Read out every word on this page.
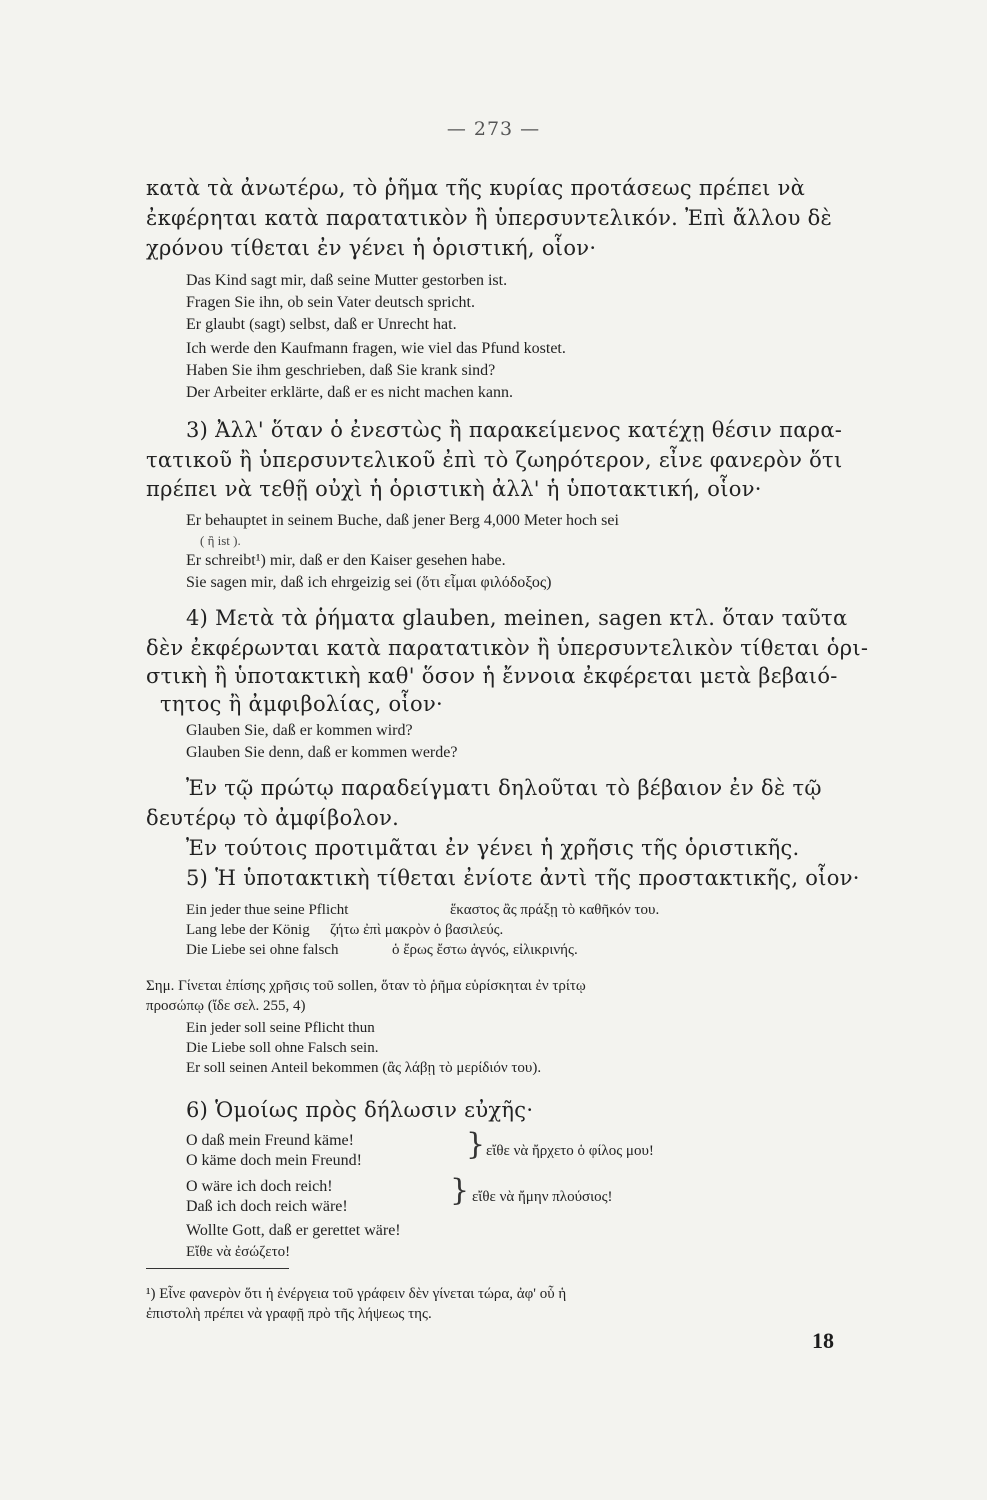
— 273 —
κατὰ τὰ ἀνωτέρω, τὸ ῥῆμα τῆς κυρίας προτάσεως πρέπει νὰ
ἐκφέρηται κατὰ παρατατικὸν ἢ ὑπερσυντελικόν. Ἐπὶ ἄλλου δὲ
χρόνου τίθεται ἐν γένει ἡ ὁριστική, οἷον·
Das Kind sagt mir, daß seine Mutter gestorben ist.
Fragen Sie ihn, ob sein Vater deutsch spricht.
Er glaubt (sagt) selbst, daß er Unrecht hat.
Ich werde den Kaufmann fragen, wie viel das Pfund kostet.
Haben Sie ihm geschrieben, daß Sie krank sind?
Der Arbeiter erklärte, daß er es nicht machen kann.
3) Ἀλλ' ὅταν ὁ ἐνεστὼς ἢ παρακείμενος κατέχῃ θέσιν παρα-
τατικοῦ ἢ ὑπερσυντελικοῦ ἐπὶ τὸ ζωηρότερον, εἶνε φανερὸν ὅτι
πρέπει νὰ τεθῇ οὐχὶ ἡ ὁριστικὴ ἀλλ' ἡ ὑποτακτική, οἷον·
Er behauptet in seinem Buche, daß jener Berg 4,000 Meter hoch sei
( ἢ ist ).
Er schreibt¹) mir, daß er den Kaiser gesehen habe.
Sie sagen mir, daß ich ehrgeizig sei (ὅτι εἶμαι φιλόδοξος)
4) Μετὰ τὰ ῥήματα glauben, meinen, sagen κτλ. ὅταν ταῦτα
δὲν ἐκφέρωνται κατὰ παρατατικὸν ἢ ὑπερσυντελικὸν τίθεται ὁρι-
στικὴ ἢ ὑποτακτικὴ καθ' ὅσον ἡ ἔννοια ἐκφέρεται μετὰ βεβαιό-
τητος ἢ ἀμφιβολίας, οἷον·
Glauben Sie, daß er kommen wird?
Glauben Sie denn, daß er kommen werde?
Ἐν τῷ πρώτῳ παραδείγματι δηλοῦται τὸ βέβαιον ἐν δὲ τῷ
δευτέρῳ τὸ ἀμφίβολον.
Ἐν τούτοις προτιμᾶται ἐν γένει ἡ χρῆσις τῆς ὁριστικῆς.
5) Ἡ ὑποτακτικὴ τίθεται ἐνίοτε ἀντὶ τῆς προστακτικῆς, οἷον·
Ein jeder thue seine Pflicht	ἕκαστος ἂς πράξῃ τὸ καθῆκόν του.
Lang lebe der König ζήτω ἐπὶ μακρὸν ὁ βασιλεύς.
Die Liebe sei ohne falsch	ὁ ἔρως ἔστω ἁγνός, εἰλικρινής.
Σημ. Γίνεται ἐπίσης χρῆσις τοῦ sollen, ὅταν τὸ ῥῆμα εὑρίσκηται ἐν τρίτῳ
προσώπῳ (ἴδε σελ. 255, 4)
Ein jeder soll seine Pflicht thun
Die Liebe soll ohne Falsch sein.
Er soll seinen Anteil bekommen (ἂς λάβῃ τὸ μερίδιόν του).
6) Ὁμοίως πρὸς δήλωσιν εὐχῆς·
O daß mein Freund käme!
O käme doch mein Freund!	} εἴθε νὰ ἤρχετο ὁ φίλος μου!
O wäre ich doch reich!
Daß ich doch reich wäre!	} εἴθε νὰ ἤμην πλούσιος!
Wollte Gott, daß er gerettet wäre!
Εἴθε νὰ ἐσώζετο!
¹) Εἶνε φανερὸν ὅτι ἡ ἐνέργεια τοῦ γράφειν δὲν γίνεται τώρα, ἀφ' οὗ ἡ
ἐπιστολὴ πρέπει νὰ γραφῇ πρὸ τῆς λήψεως της.
18
